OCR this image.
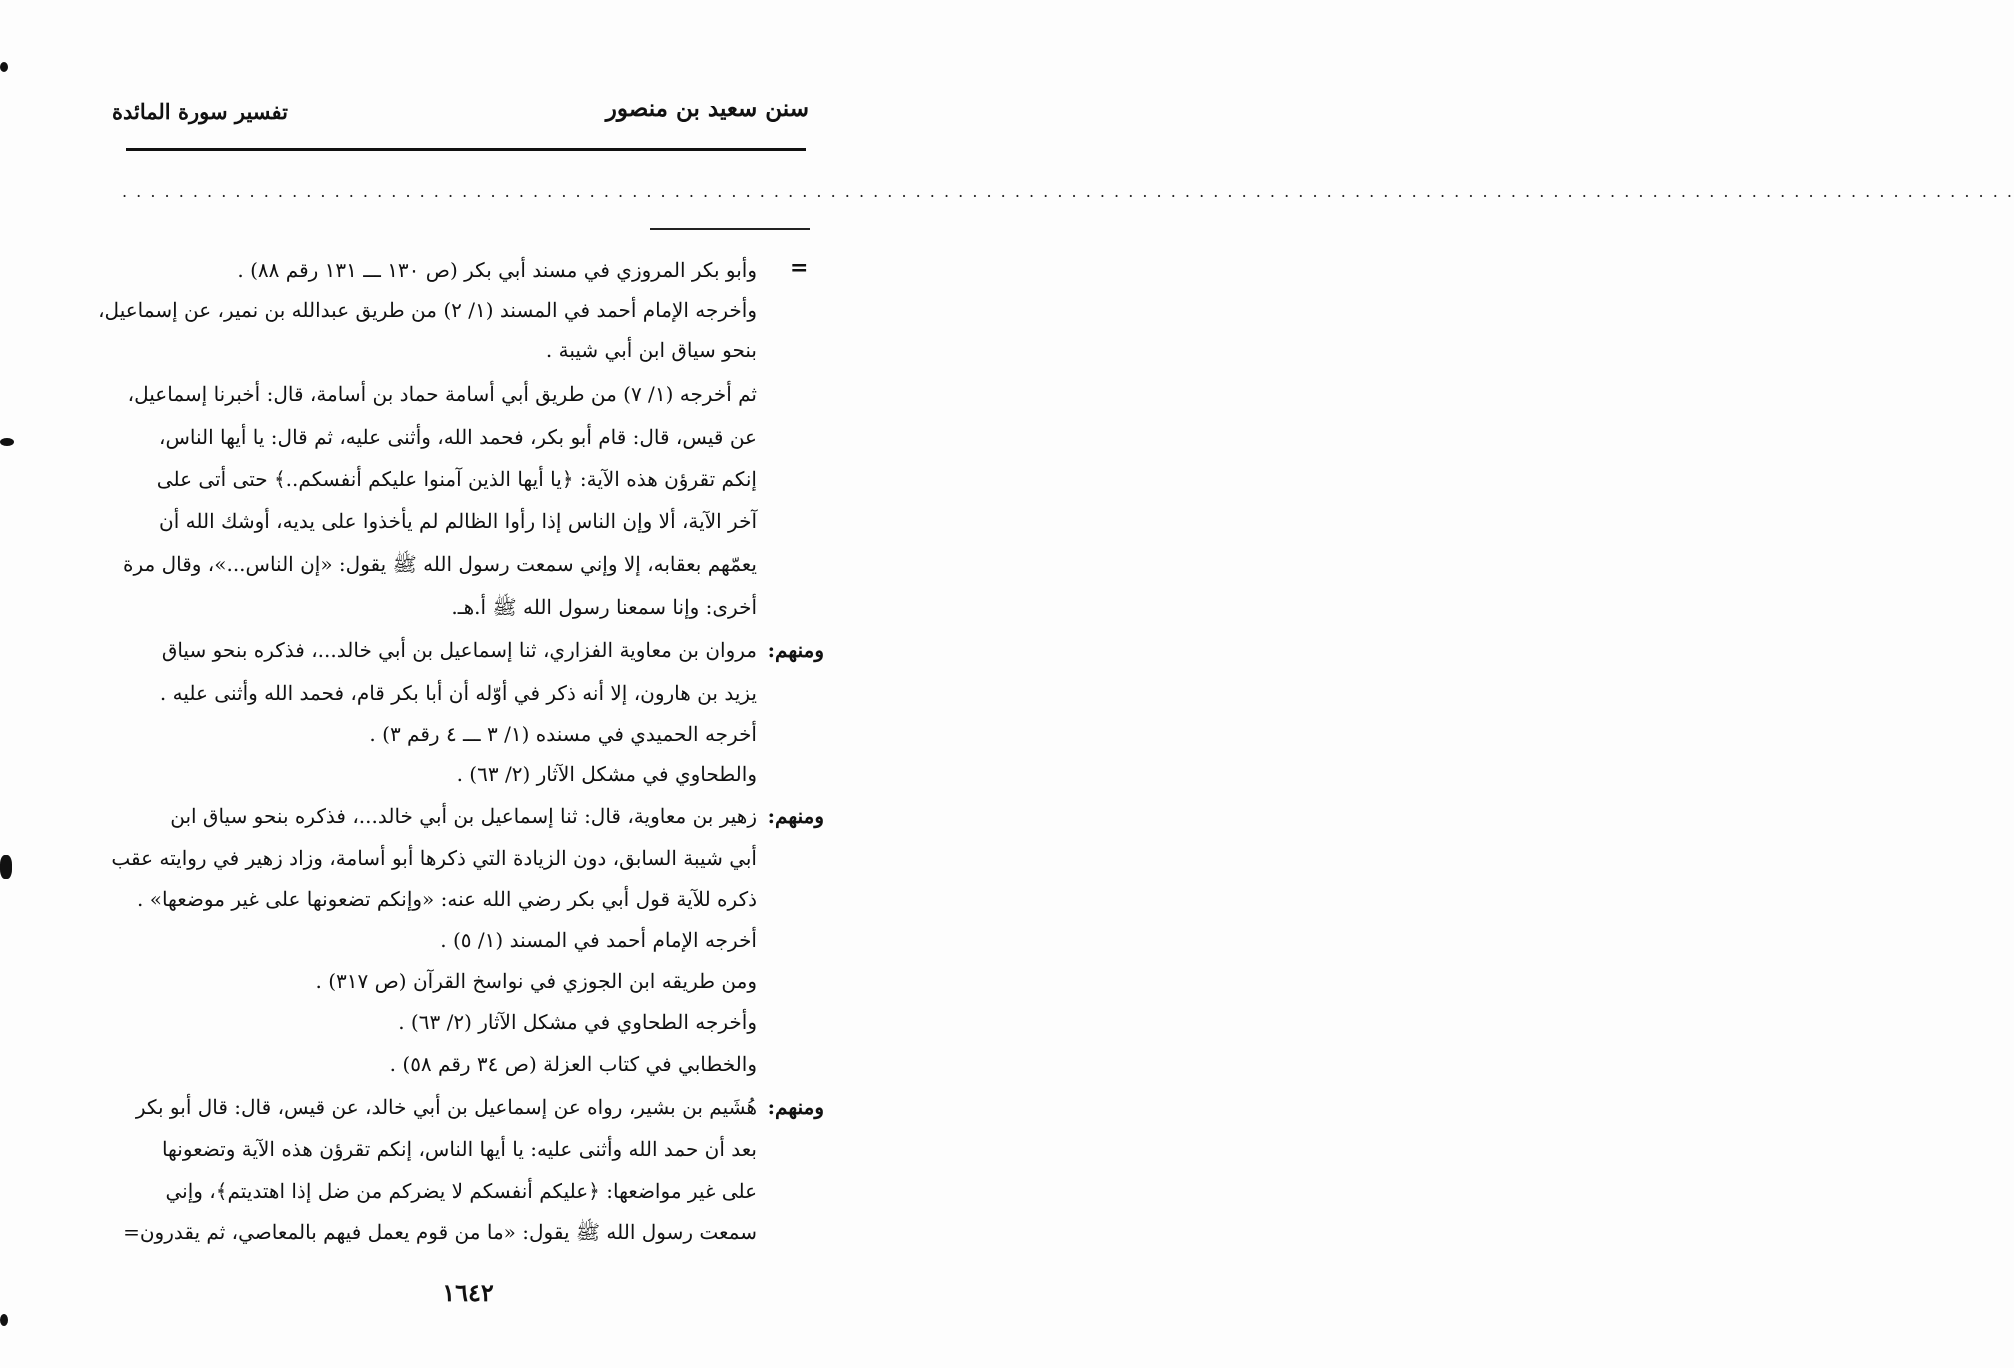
سنن سعيد بن منصور
تفسير سورة المائدة
. . . . . . . . . . . . . . . . . . . . . . . . . . . . . . . . . . . . . . . . . . . . . . . . . . . . . . . . . . . . . . . . . . . . . . . . . . . . . . . . . . . . . . . . . . . . . . . . . . . . . . . . . . . . . . . . . . . . . . . . . . . . . . . . . . . . . .
=
وأبو بكر المروزي في مسند أبي بكر (ص ١٣٠ ـــ ١٣١ رقم ٨٨) .
وأخرجه الإمام أحمد في المسند (١/ ٢) من طريق عبدالله بن نمير، عن إسماعيل،
بنحو سياق ابن أبي شيبة .
ثم أخرجه (١/ ٧) من طريق أبي أسامة حماد بن أسامة، قال: أخبرنا إسماعيل،
عن قيس، قال: قام أبو بكر، فحمد الله، وأثنى عليه، ثم قال: يا أيها الناس،
إنكم تقرؤن هذه الآية: ﴿يا أيها الذين آمنوا عليكم أنفسكم..﴾ حتى أتى على
آخر الآية، ألا وإن الناس إذا رأوا الظالم لم يأخذوا على يديه، أوشك الله أن
يعمّهم بعقابه، إلا وإني سمعت رسول الله ﷺ يقول: «إن الناس...»، وقال مرة
أخرى: وإنا سمعنا رسول الله ﷺ أ.هـ.
ومنهم:
مروان بن معاوية الفزاري، ثنا إسماعيل بن أبي خالد...، فذكره بنحو سياق
يزيد بن هارون، إلا أنه ذكر في أوّله أن أبا بكر قام، فحمد الله وأثنى عليه .
أخرجه الحميدي في مسنده (١/ ٣ ـــ ٤ رقم ٣) .
والطحاوي في مشكل الآثار (٢/ ٦٣) .
ومنهم:
زهير بن معاوية، قال: ثنا إسماعيل بن أبي خالد...، فذكره بنحو سياق ابن
أبي شيبة السابق، دون الزيادة التي ذكرها أبو أسامة، وزاد زهير في روايته عقب
ذكره للآية قول أبي بكر رضي الله عنه: «وإنكم تضعونها على غير موضعها» .
أخرجه الإمام أحمد في المسند (١/ ٥) .
ومن طريقه ابن الجوزي في نواسخ القرآن (ص ٣١٧) .
وأخرجه الطحاوي في مشكل الآثار (٢/ ٦٣) .
والخطابي في كتاب العزلة (ص ٣٤ رقم ٥٨) .
ومنهم:
هُشَيم بن بشير، رواه عن إسماعيل بن أبي خالد، عن قيس، قال: قال أبو بكر
بعد أن حمد الله وأثنى عليه: يا أيها الناس، إنكم تقرؤن هذه الآية وتضعونها
على غير مواضعها: ﴿عليكم أنفسكم لا يضركم من ضل إذا اهتديتم﴾، وإني
سمعت رسول الله ﷺ يقول: «ما من قوم يعمل فيهم بالمعاصي، ثم يقدرون=
١٦٤٢
